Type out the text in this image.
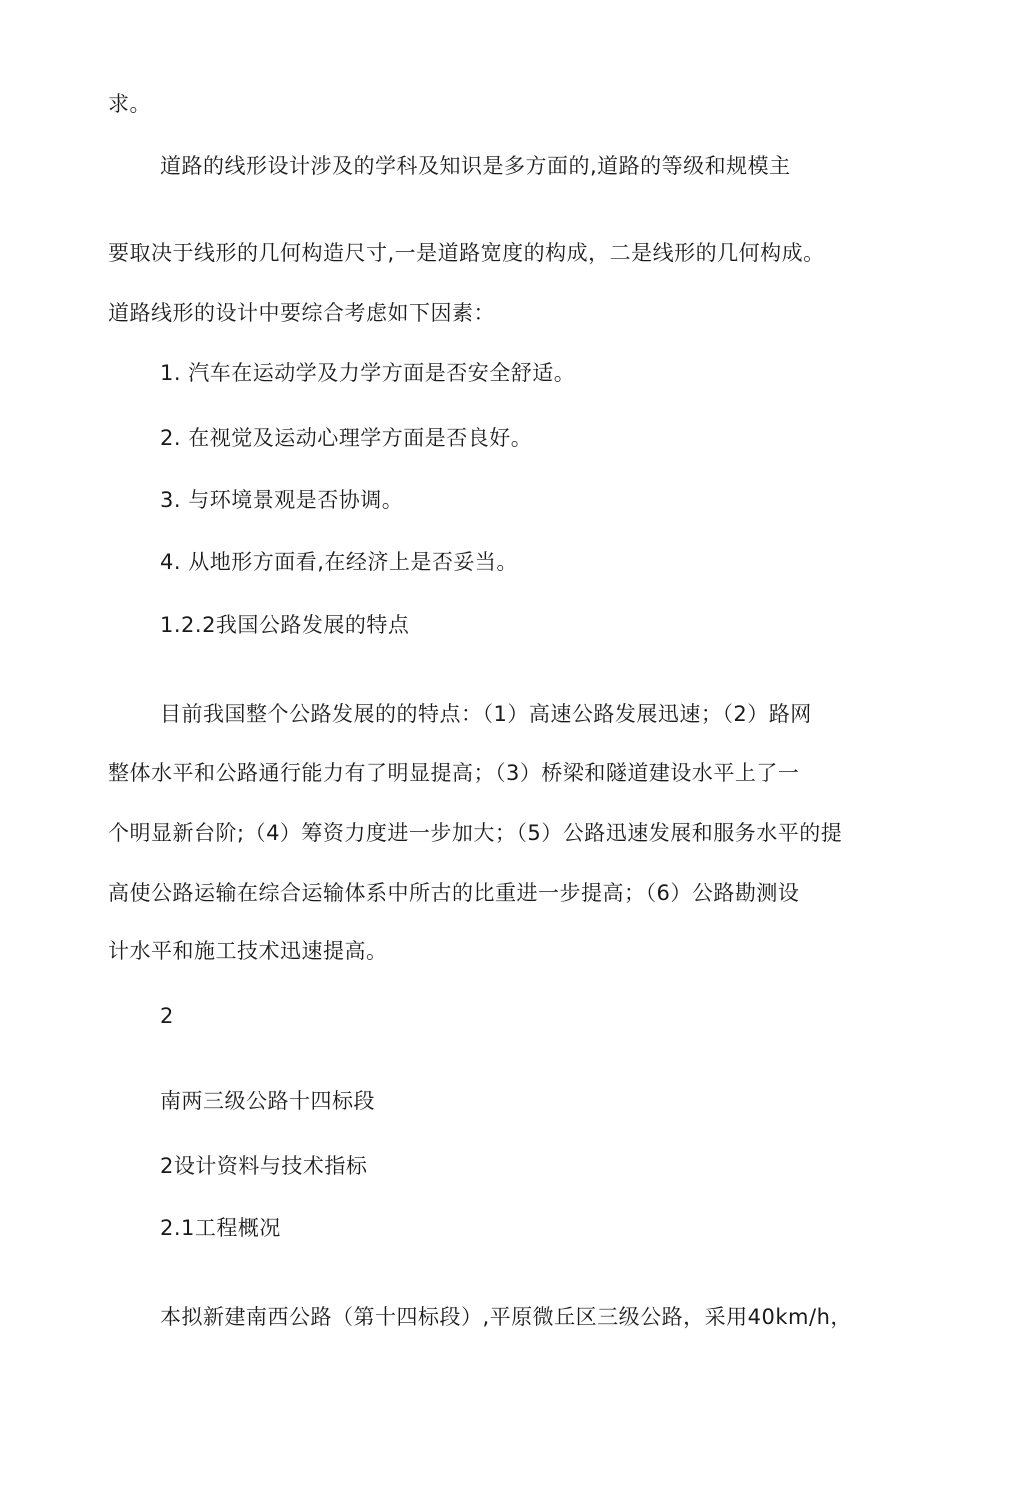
求。
道路的线形设计涉及的学科及知识是多方面的,道路的等级和规模主
要取决于线形的几何构造尺寸,一是道路宽度的构成，二是线形的几何构成。
道路线形的设计中要综合考虑如下因素：
1. 汽车在运动学及力学方面是否安全舒适。
2. 在视觉及运动心理学方面是否良好。
3. 与环境景观是否协调。
4. 从地形方面看,在经济上是否妥当。
1.2.2我国公路发展的特点
目前我国整个公路发展的的特点：（1）高速公路发展迅速；（2）路网
整体水平和公路通行能力有了明显提高；（3）桥梁和隧道建设水平上了一
个明显新台阶;（4）筹资力度进一步加大；（5）公路迅速发展和服务水平的提
高使公路运输在综合运输体系中所古的比重进一步提高；（6）公路勘测设
计水平和施工技术迅速提高。
2
南两三级公路十四标段
2设计资料与技术指标
2.1工程概况
本拟新建南西公路（第十四标段）,平原微丘区三级公路，采用40km/h，
